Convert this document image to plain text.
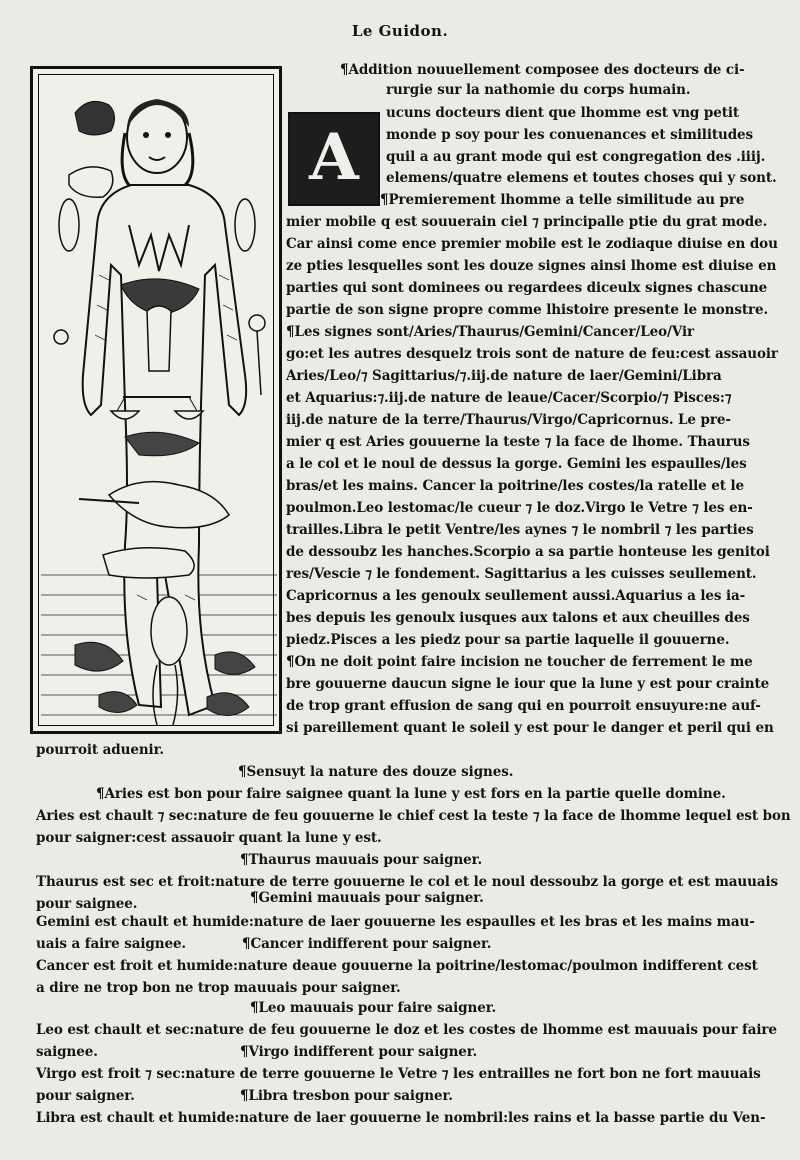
Le Guidon.
A
¶Addition nouuellement composee des docteurs de ci-
rurgie sur la nathomie du corps humain.
ucuns docteurs dient que lhomme est vng petit
monde p soy pour les conuenances et similitudes
quil a au grant mode qui est congregation des .iiij.
elemens/quatre elemens et toutes choses qui y sont.
¶Premierement lhomme a telle similitude au pre
mier mobile q est souuerain ciel ⁊ principalle ptie du grat mode.
Car ainsi come ence premier mobile est le zodiaque diuise en dou
ze pties lesquelles sont les douze signes ainsi lhome est diuise en
parties qui sont dominees ou regardees diceulx signes chascune
partie de son signe propre comme lhistoire presente le monstre.
¶Les signes sont/Aries/Thaurus/Gemini/Cancer/Leo/Vir
go:et les autres desquelz trois sont de nature de feu:cest assauoir
Aries/Leo/⁊ Sagittarius/⁊.iij.de nature de laer/Gemini/Libra
et Aquarius:⁊.iij.de nature de leaue/Cacer/Scorpio/⁊ Pisces:⁊
iij.de nature de la terre/Thaurus/Virgo/Capricornus. Le pre-
mier q est Aries gouuerne la teste ⁊ la face de lhome. Thaurus
a le col et le noul de dessus la gorge. Gemini les espaulles/les
bras/et les mains. Cancer la poitrine/les costes/la ratelle et le
poulmon.Leo lestomac/le cueur ⁊ le doz.Virgo le Vetre ⁊ les en-
trailles.Libra le petit Ventre/les aynes ⁊ le nombril ⁊ les parties
de dessoubz les hanches.Scorpio a sa partie honteuse les genitoi
res/Vescie ⁊ le fondement. Sagittarius a les cuisses seullement.
Capricornus a les genoulx seullement aussi.Aquarius a les ia-
bes depuis les genoulx iusques aux talons et aux cheuilles des
piedz.Pisces a les piedz pour sa partie laquelle il gouuerne.
¶On ne doit point faire incision ne toucher de ferrement le me
bre gouuerne daucun signe le iour que la lune y est pour crainte
de trop grant effusion de sang qui en pourroit ensuyure:ne auf-
si pareillement quant le soleil y est pour le danger et peril qui en
pourroit aduenir.
¶Sensuyt la nature des douze signes.
¶Aries est bon pour faire saignee quant la lune y est fors en la partie quelle domine.
Aries est chault ⁊ sec:nature de feu gouuerne le chief cest la teste ⁊ la face de lhomme lequel est bon
pour saigner:cest assauoir quant la lune y est.
¶Thaurus mauuais pour saigner.
Thaurus est sec et froit:nature de terre gouuerne le col et le noul dessoubz la gorge et est mauuais
pour saignee.	¶Gemini mauuais pour saigner.
Gemini est chault et humide:nature de laer gouuerne les espaulles et les bras et les mains mau-
uais a faire saignee.	¶Cancer indifferent pour saigner.
Cancer est froit et humide:nature deaue gouuerne la poitrine/lestomac/poulmon indifferent cest
a dire ne trop bon ne trop mauuais pour saigner.
¶Leo mauuais pour faire saigner.
Leo est chault et sec:nature de feu gouuerne le doz et les costes de lhomme est mauuais pour faire
saignee.	¶Virgo indifferent pour saigner.
Virgo est froit ⁊ sec:nature de terre gouuerne le Vetre ⁊ les entrailles ne fort bon ne fort mauuais
pour saigner.	¶Libra tresbon pour saigner.
Libra est chault et humide:nature de laer gouuerne le nombril:les rains et la basse partie du Ven-
